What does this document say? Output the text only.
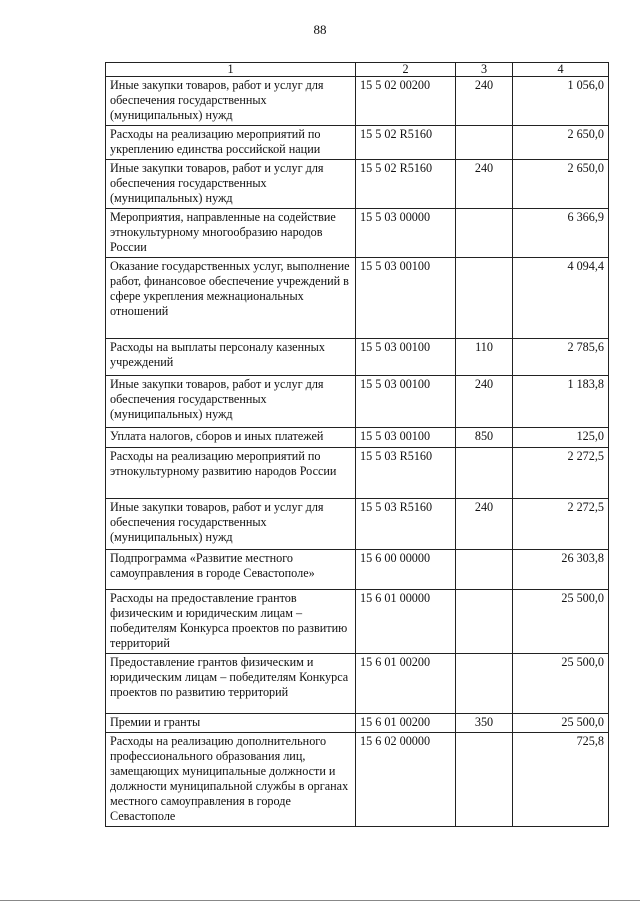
88
1	2	3	4
Иные закупки товаров, работ и услуг для обеспечения государственных (муниципальных) нужд	15 5 02 00200	240	1 056,0
Расходы на реализацию мероприятий по укреплению единства российской нации	15 5 02 R5160		2 650,0
Иные закупки товаров, работ и услуг для обеспечения государственных (муниципальных) нужд	15 5 02 R5160	240	2 650,0
Мероприятия, направленные на содействие этнокультурному многообразию народов России	15 5 03 00000		6 366,9
Оказание государственных услуг, выполнение работ, финансовое обеспечение учреждений в сфере укрепления межнациональных отношений	15 5 03 00100		4 094,4
Расходы на выплаты персоналу казенных учреждений	15 5 03 00100	110	2 785,6
Иные закупки товаров, работ и услуг для обеспечения государственных (муниципальных) нужд	15 5 03 00100	240	1 183,8
Уплата налогов, сборов и иных платежей	15 5 03 00100	850	125,0
Расходы на реализацию мероприятий по этнокультурному развитию народов России	15 5 03 R5160		2 272,5
Иные закупки товаров, работ и услуг для обеспечения государственных (муниципальных) нужд	15 5 03 R5160	240	2 272,5
Подпрограмма «Развитие местного самоуправления в городе Севастополе»	15 6 00 00000		26 303,8
Расходы на предоставление грантов физическим и юридическим лицам – победителям Конкурса проектов по развитию территорий	15 6 01 00000		25 500,0
Предоставление грантов физическим и юридическим лицам – победителям Конкурса проектов по развитию территорий	15 6 01 00200		25 500,0
Премии и гранты	15 6 01 00200	350	25 500,0
Расходы на реализацию дополнительного профессионального образования лиц, замещающих муниципальные должности и должности муниципальной службы в органах местного самоуправления в городе Севастополе	15 6 02 00000		725,8
